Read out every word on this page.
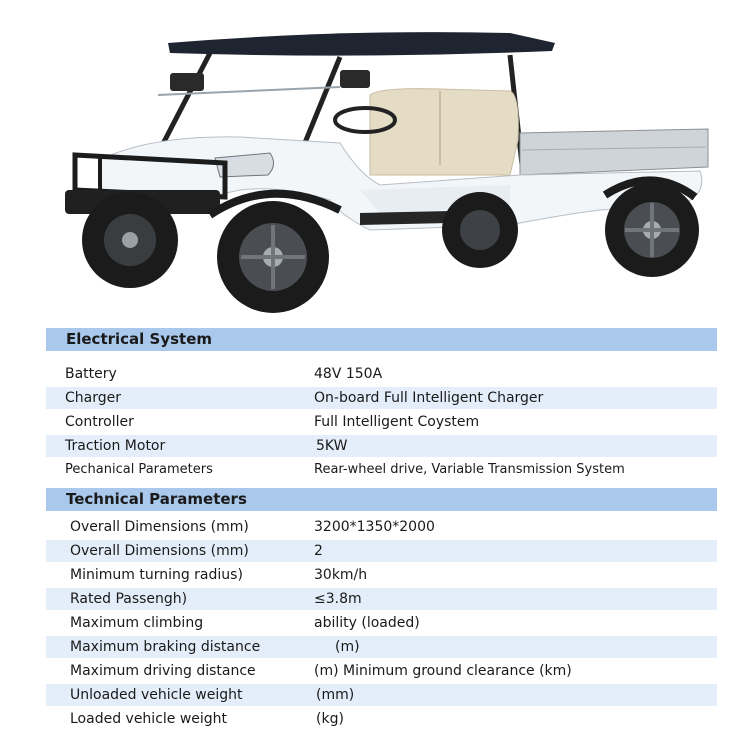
Electrical System
Battery	48V 150A
Charger	On-board Full Intelligent Charger
Controller	Full Intelligent Coystem
Traction Motor	5KW
Pechanical Parameters	Rear-wheel drive, Variable Transmission System
Technical Parameters
Overall Dimensions (mm)	3200*1350*2000
Overall Dimensions (mm)	2
Minimum turning radius)	30km/h
Rated Passengh)	≤3.8m
Maximum climbing	ability (loaded)
Maximum braking distance	(m)
Maximum driving distance	(m) Minimum ground clearance (km)
Unloaded vehicle weight	(mm)
Loaded vehicle weight	(kg)
